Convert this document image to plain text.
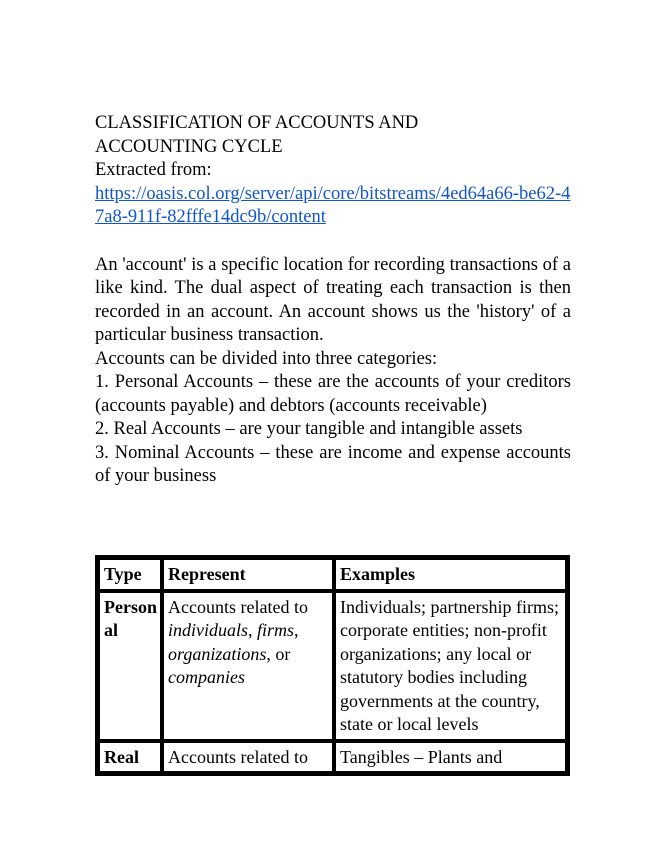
CLASSIFICATION OF ACCOUNTS AND
ACCOUNTING CYCLE
Extracted from:
https://oasis.col.org/server/api/core/bitstreams/4ed64a66-be62-47a8-911f-82fffe14dc9b/content

An 'account' is a specific location for recording transactions of a like kind. The dual aspect of treating each transaction is then recorded in an account. An account shows us the 'history' of a particular business transaction.

Accounts can be divided into three categories:

1. Personal Accounts – these are the accounts of your creditors (accounts payable) and debtors (accounts receivable)

2. Real Accounts – are your tangible and intangible assets

3. Nominal Accounts – these are income and expense accounts of your business

Type	Represent	Examples
Personal	Accounts related to individuals, firms, organizations, or companies	Individuals; partnership firms; corporate entities; non-profit organizations; any local or statutory bodies including governments at the country, state or local levels
Real	Accounts related to	Tangibles – Plants and
